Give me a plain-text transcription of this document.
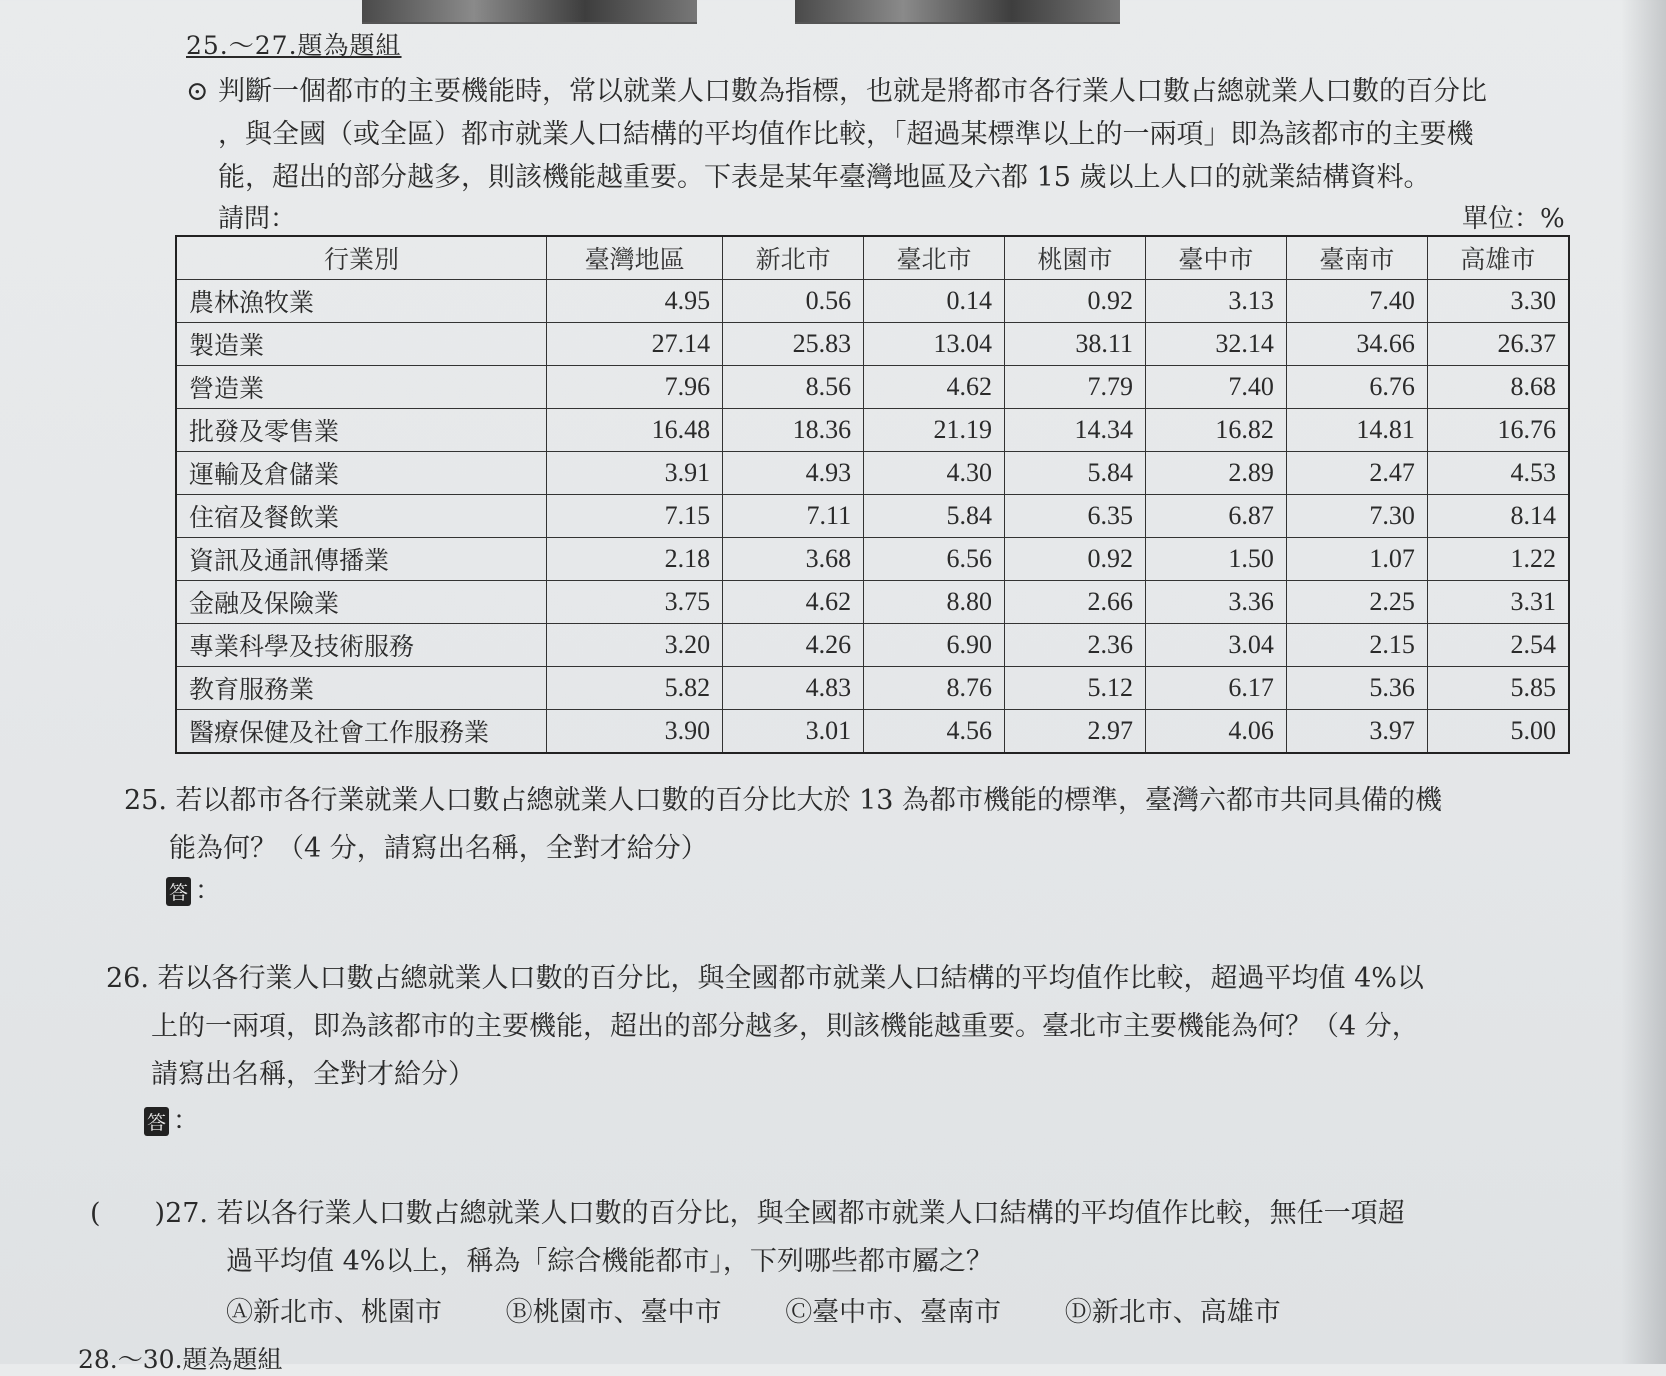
25.～27.題為題組
⊙ 判斷一個都市的主要機能時，常以就業人口數為指標，也就是將都市各行業人口數占總就業人口數的百分比
，與全國（或全區）都市就業人口結構的平均值作比較，「超過某標準以上的一兩項」即為該都市的主要機
能，超出的部分越多，則該機能越重要。下表是某年臺灣地區及六都 15 歲以上人口的就業結構資料。
請問：	單位：%
行業別	臺灣地區	新北市	臺北市	桃園市	臺中市	臺南市	高雄市
農林漁牧業	4.95	0.56	0.14	0.92	3.13	7.40	3.30
製造業	27.14	25.83	13.04	38.11	32.14	34.66	26.37
營造業	7.96	8.56	4.62	7.79	7.40	6.76	8.68
批發及零售業	16.48	18.36	21.19	14.34	16.82	14.81	16.76
運輸及倉儲業	3.91	4.93	4.30	5.84	2.89	2.47	4.53
住宿及餐飲業	7.15	7.11	5.84	6.35	6.87	7.30	8.14
資訊及通訊傳播業	2.18	3.68	6.56	0.92	1.50	1.07	1.22
金融及保險業	3.75	4.62	8.80	2.66	3.36	2.25	3.31
專業科學及技術服務	3.20	4.26	6.90	2.36	3.04	2.15	2.54
教育服務業	5.82	4.83	8.76	5.12	6.17	5.36	5.85
醫療保健及社會工作服務業	3.90	3.01	4.56	2.97	4.06	3.97	5.00
25. 若以都市各行業就業人口數占總就業人口數的百分比大於 13 為都市機能的標準，臺灣六都市共同具備的機
能為何？（4 分，請寫出名稱，全對才給分）
答 ：
26. 若以各行業人口數占總就業人口數的百分比，與全國都市就業人口結構的平均值作比較，超過平均值 4%以
上的一兩項，即為該都市的主要機能，超出的部分越多，則該機能越重要。臺北市主要機能為何？（4 分，
請寫出名稱，全對才給分）
答 ：
(　　)27. 若以各行業人口數占總就業人口數的百分比，與全國都市就業人口結構的平均值作比較，無任一項超
過平均值 4%以上，稱為「綜合機能都市」，下列哪些都市屬之？
Ⓐ新北市、桃園市 Ⓑ桃園市、臺中市 Ⓒ臺中市、臺南市 Ⓓ新北市、高雄市
28.～30.題為題組
